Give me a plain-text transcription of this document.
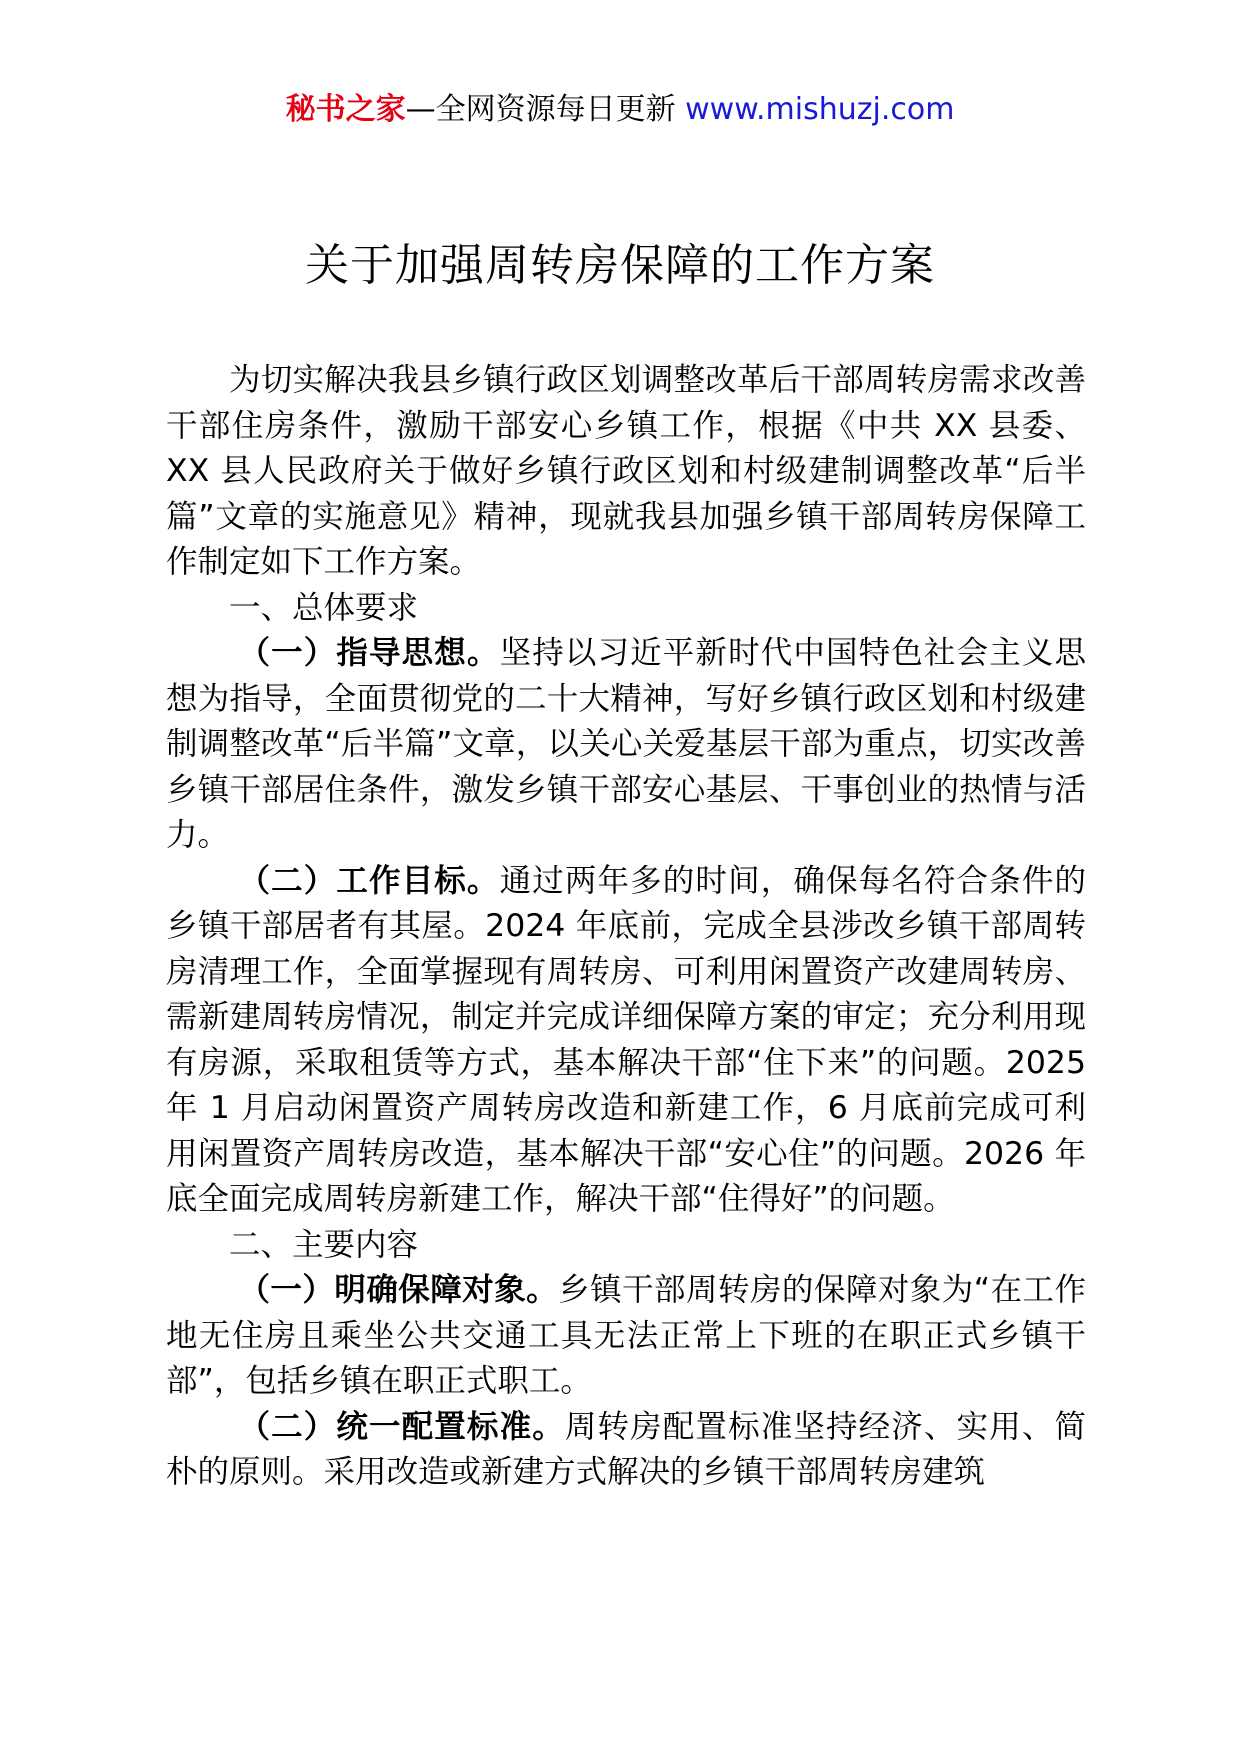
秘书之家—全网资源每日更新 www.mishuzj.com
关于加强周转房保障的工作方案

为切实解决我县乡镇行政区划调整改革后干部周转房需求改善干部住房条件，激励干部安心乡镇工作，根据《中共 XX 县委、XX 县人民政府关于做好乡镇行政区划和村级建制调整改革“后半篇”文章的实施意见》精神，现就我县加强乡镇干部周转房保障工作制定如下工作方案。

一、总体要求

（一）指导思想。坚持以习近平新时代中国特色社会主义思想为指导，全面贯彻党的二十大精神，写好乡镇行政区划和村级建制调整改革“后半篇”文章，以关心关爱基层干部为重点，切实改善乡镇干部居住条件，激发乡镇干部安心基层、干事创业的热情与活力。

（二）工作目标。通过两年多的时间，确保每名符合条件的乡镇干部居者有其屋。2024 年底前，完成全县涉改乡镇干部周转房清理工作，全面掌握现有周转房、可利用闲置资产改建周转房、需新建周转房情况，制定并完成详细保障方案的审定；充分利用现有房源，采取租赁等方式，基本解决干部“住下来”的问题。2025 年 1 月启动闲置资产周转房改造和新建工作，6 月底前完成可利用闲置资产周转房改造，基本解决干部“安心住”的问题。2026 年底全面完成周转房新建工作，解决干部“住得好”的问题。

二、主要内容

（一）明确保障对象。乡镇干部周转房的保障对象为“在工作地无住房且乘坐公共交通工具无法正常上下班的在职正式乡镇干部”，包括乡镇在职正式职工。

（二）统一配置标准。周转房配置标准坚持经济、实用、简朴的原则。采用改造或新建方式解决的乡镇干部周转房建筑
